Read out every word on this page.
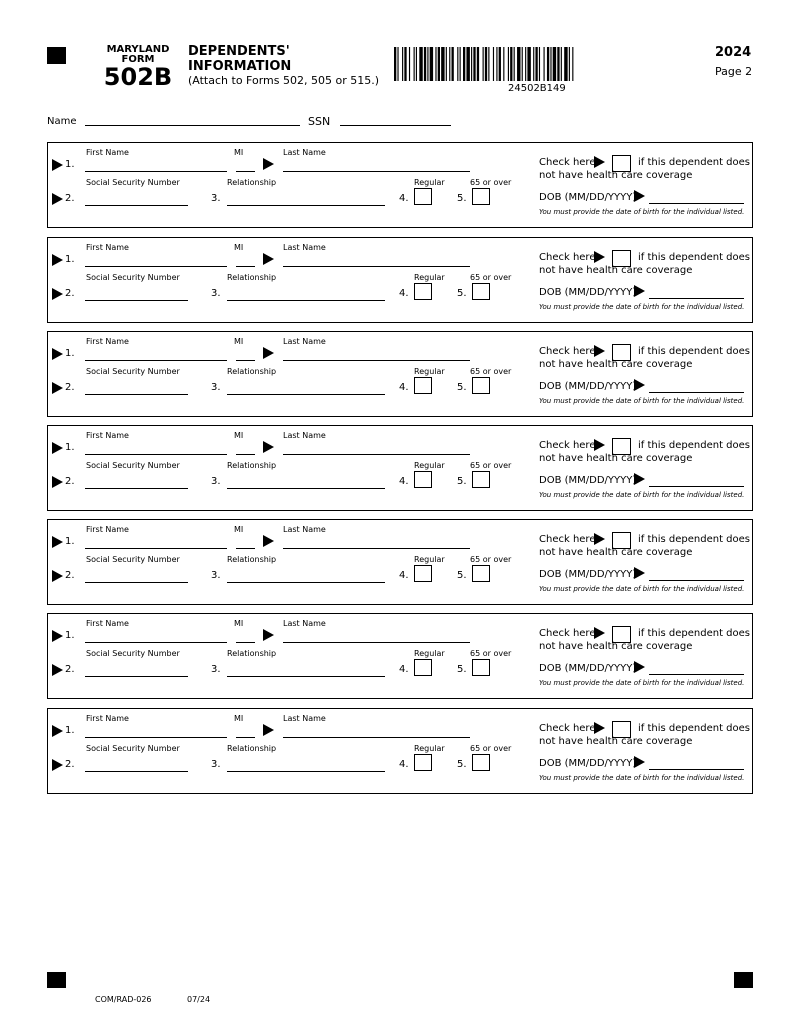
MARYLAND
FORM
502B
DEPENDENTS'
INFORMATION
(Attach to Forms 502, 505 or 515.)
24502B149
2024
Page 2
Name	SSN
First Name	MI	Last Name
1.
Social Security Number	Relationship	Regular	65 or over
2.	3.	4.	5.
Check here	if this dependent does
not have health care coverage
DOB (MM/DD/YYYY)
You must provide the date of birth for the individual listed.
First Name	MI	Last Name
1.
Social Security Number	Relationship	Regular	65 or over
2.	3.	4.	5.
Check here	if this dependent does
not have health care coverage
DOB (MM/DD/YYYY)
You must provide the date of birth for the individual listed.
First Name	MI	Last Name
1.
Social Security Number	Relationship	Regular	65 or over
2.	3.	4.	5.
Check here	if this dependent does
not have health care coverage
DOB (MM/DD/YYYY)
You must provide the date of birth for the individual listed.
First Name	MI	Last Name
1.
Social Security Number	Relationship	Regular	65 or over
2.	3.	4.	5.
Check here	if this dependent does
not have health care coverage
DOB (MM/DD/YYYY)
You must provide the date of birth for the individual listed.
First Name	MI	Last Name
1.
Social Security Number	Relationship	Regular	65 or over
2.	3.	4.	5.
Check here	if this dependent does
not have health care coverage
DOB (MM/DD/YYYY)
You must provide the date of birth for the individual listed.
First Name	MI	Last Name
1.
Social Security Number	Relationship	Regular	65 or over
2.	3.	4.	5.
Check here	if this dependent does
not have health care coverage
DOB (MM/DD/YYYY)
You must provide the date of birth for the individual listed.
First Name	MI	Last Name
1.
Social Security Number	Relationship	Regular	65 or over
2.	3.	4.	5.
Check here	if this dependent does
not have health care coverage
DOB (MM/DD/YYYY)
You must provide the date of birth for the individual listed.
COM/RAD-026	07/24
